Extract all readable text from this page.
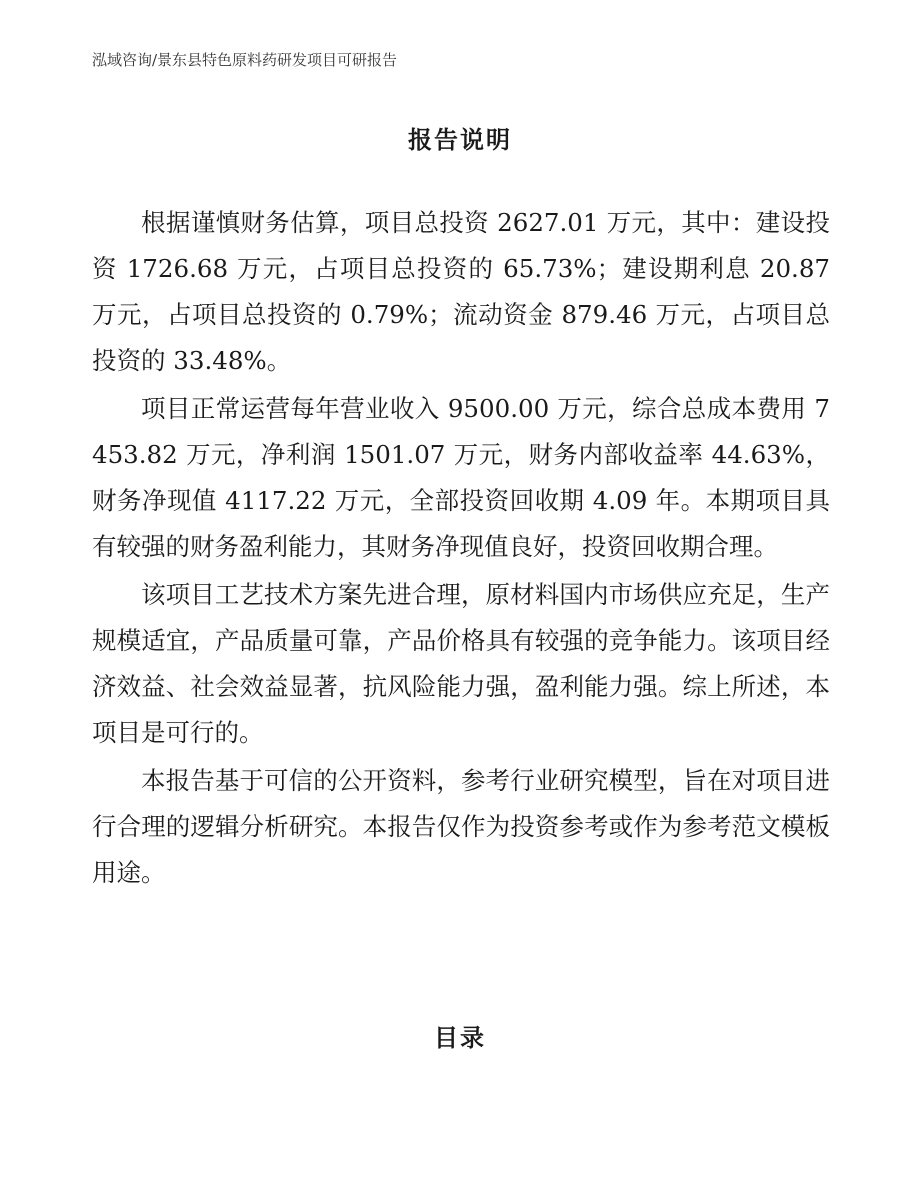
泓域咨询/景东县特色原料药研发项目可研报告
报告说明

根据谨慎财务估算，项目总投资 2627.01 万元，其中：建设投资 1726.68 万元，占项目总投资的 65.73%；建设期利息 20.87 万元，占项目总投资的 0.79%；流动资金 879.46 万元，占项目总投资的 33.48%。

项目正常运营每年营业收入 9500.00 万元，综合总成本费用 7453.82 万元，净利润 1501.07 万元，财务内部收益率 44.63%，财务净现值 4117.22 万元，全部投资回收期 4.09 年。本期项目具有较强的财务盈利能力，其财务净现值良好，投资回收期合理。

该项目工艺技术方案先进合理，原材料国内市场供应充足，生产规模适宜，产品质量可靠，产品价格具有较强的竞争能力。该项目经济效益、社会效益显著，抗风险能力强，盈利能力强。综上所述，本项目是可行的。

本报告基于可信的公开资料，参考行业研究模型，旨在对项目进行合理的逻辑分析研究。本报告仅作为投资参考或作为参考范文模板用途。

目录
